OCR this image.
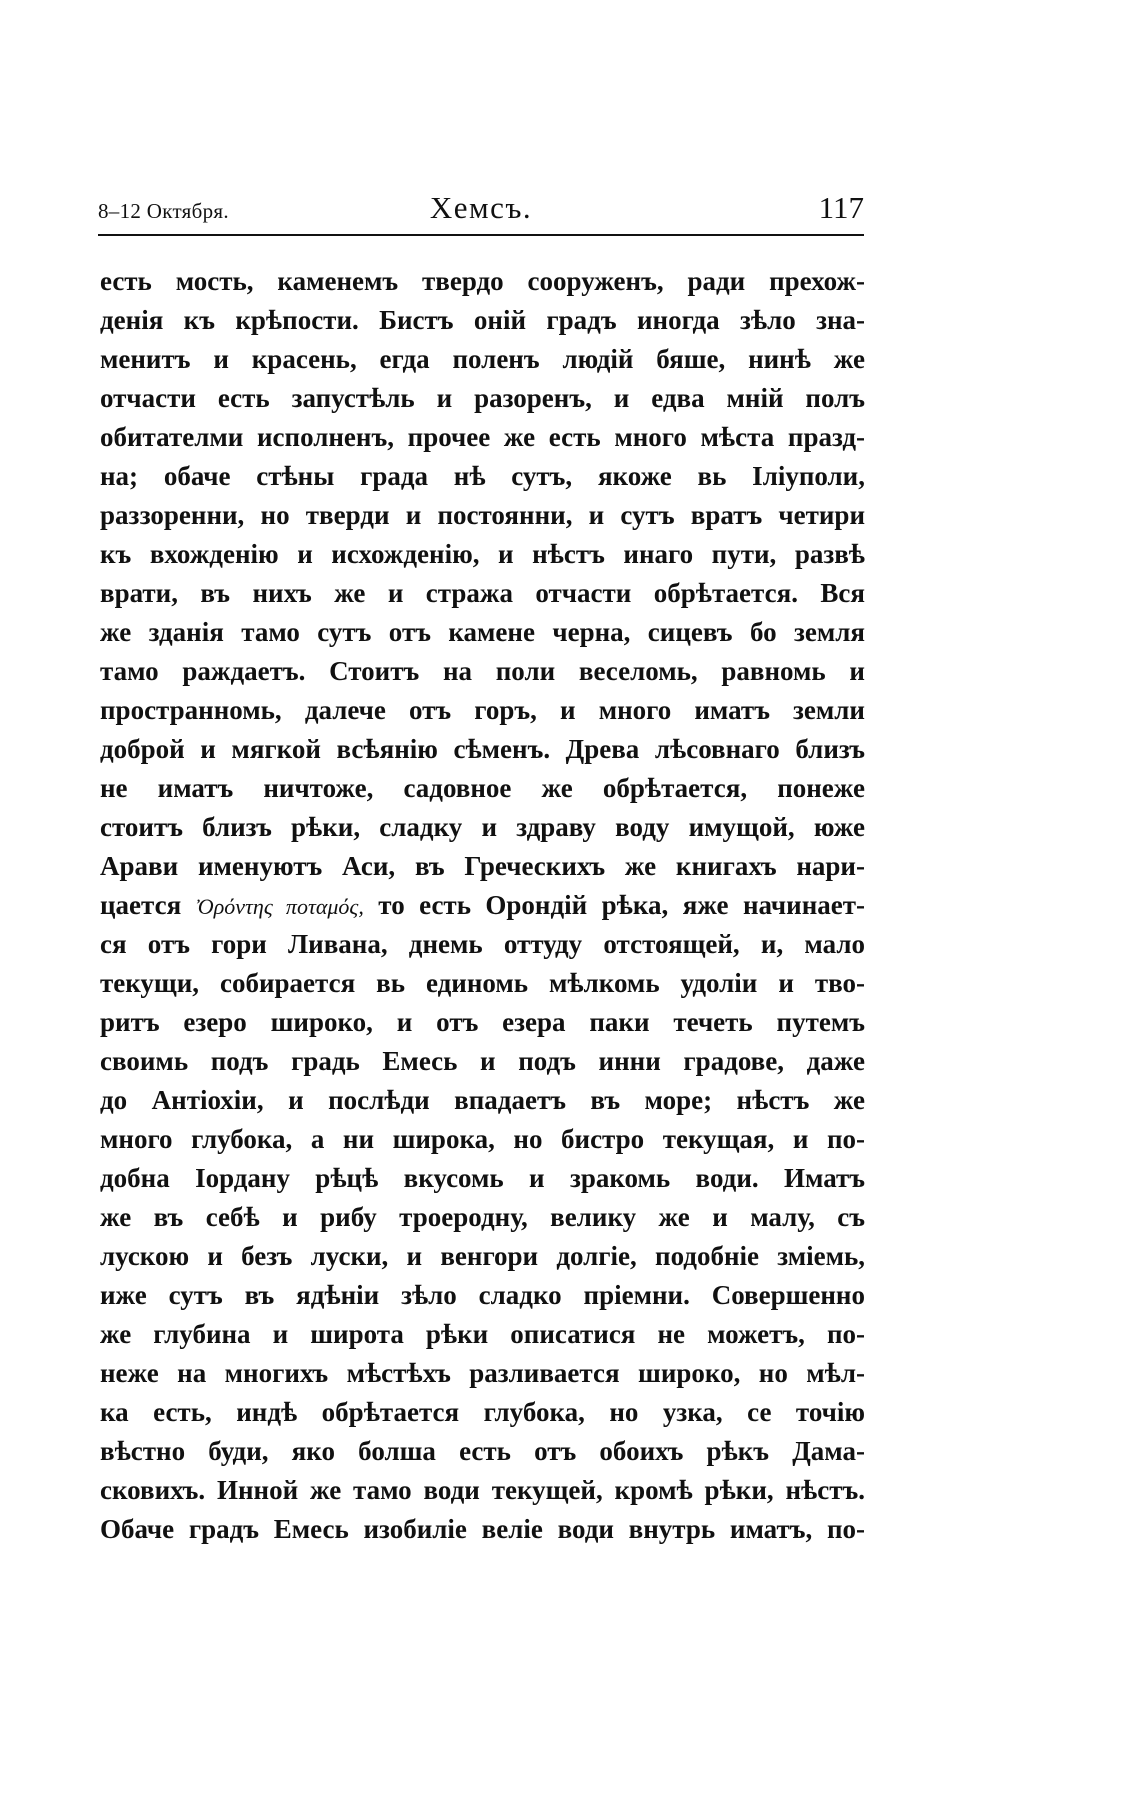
8–12 Октября.	Хемсъ.	117
есть мость, каменемъ твердо сооруженъ, ради прехож-
денія къ крѣпости. Бистъ оній градъ иногда зѣло зна-
менитъ и красень, егда поленъ людій бяше, нинѣ же
отчасти есть запустѣль и разоренъ, и едва мній полъ
обитателми исполненъ, прочее же есть много мѣста празд-
на; обаче стѣны града нѣ сутъ, якоже вь Іліуполи,
раззоренни, но тверди и постоянни, и сутъ вратъ четири
къ вхожденію и исхожденію, и нѣстъ инаго пути, развѣ
врати, въ нихъ же и стража отчасти обрѣтается. Вся
же зданія тамо сутъ отъ камене черна, сицевъ бо земля
тамо раждаетъ. Стоитъ на поли веселомь, равномь и
пространномь, далече отъ горъ, и много иматъ земли
доброй и мягкой всѣянію сѣменъ. Древа лѣсовнаго близъ
не иматъ ничтоже, садовное же обрѣтается, понеже
стоитъ близъ рѣки, сладку и здраву воду имущой, юже
Арави именуютъ Аси, въ Греческихъ же книгахъ нари-
цается Ὀρόντης ποταμός, то есть Орондій рѣка, яже начинает-
ся отъ гори Ливана, днемь оттуду отстоящей, и, мало
текущи, собирается вь единомь мѣлкомь удоліи и тво-
ритъ езеро широко, и отъ езера паки течеть путемъ
своимь подъ градь Емесь и подъ инни градове, даже
до Антіохіи, и послѣди впадаетъ въ море; нѣстъ же
много глубока, а ни широка, но бистро текущая, и по-
добна Іордану рѣцѣ вкусомь и зракомь води. Иматъ
же въ себѣ и рибу троеродну, велику же и малу, съ
лускою и безъ луски, и венгори долгіе, подобніе зміемь,
иже сутъ въ ядѣніи зѣло сладко пріемни. Совершенно
же глубина и широта рѣки описатися не можетъ, по-
неже на многихъ мѣстѣхъ разливается широко, но мѣл-
ка есть, индѣ обрѣтается глубока, но узка, се точію
вѣстно буди, яко болша есть отъ обоихъ рѣкъ Дама-
сковихъ. Инной же тамо води текущей, кромѣ рѣки, нѣстъ.
Обаче градъ Емесь изобиліе веліе води внутрь иматъ, по-
